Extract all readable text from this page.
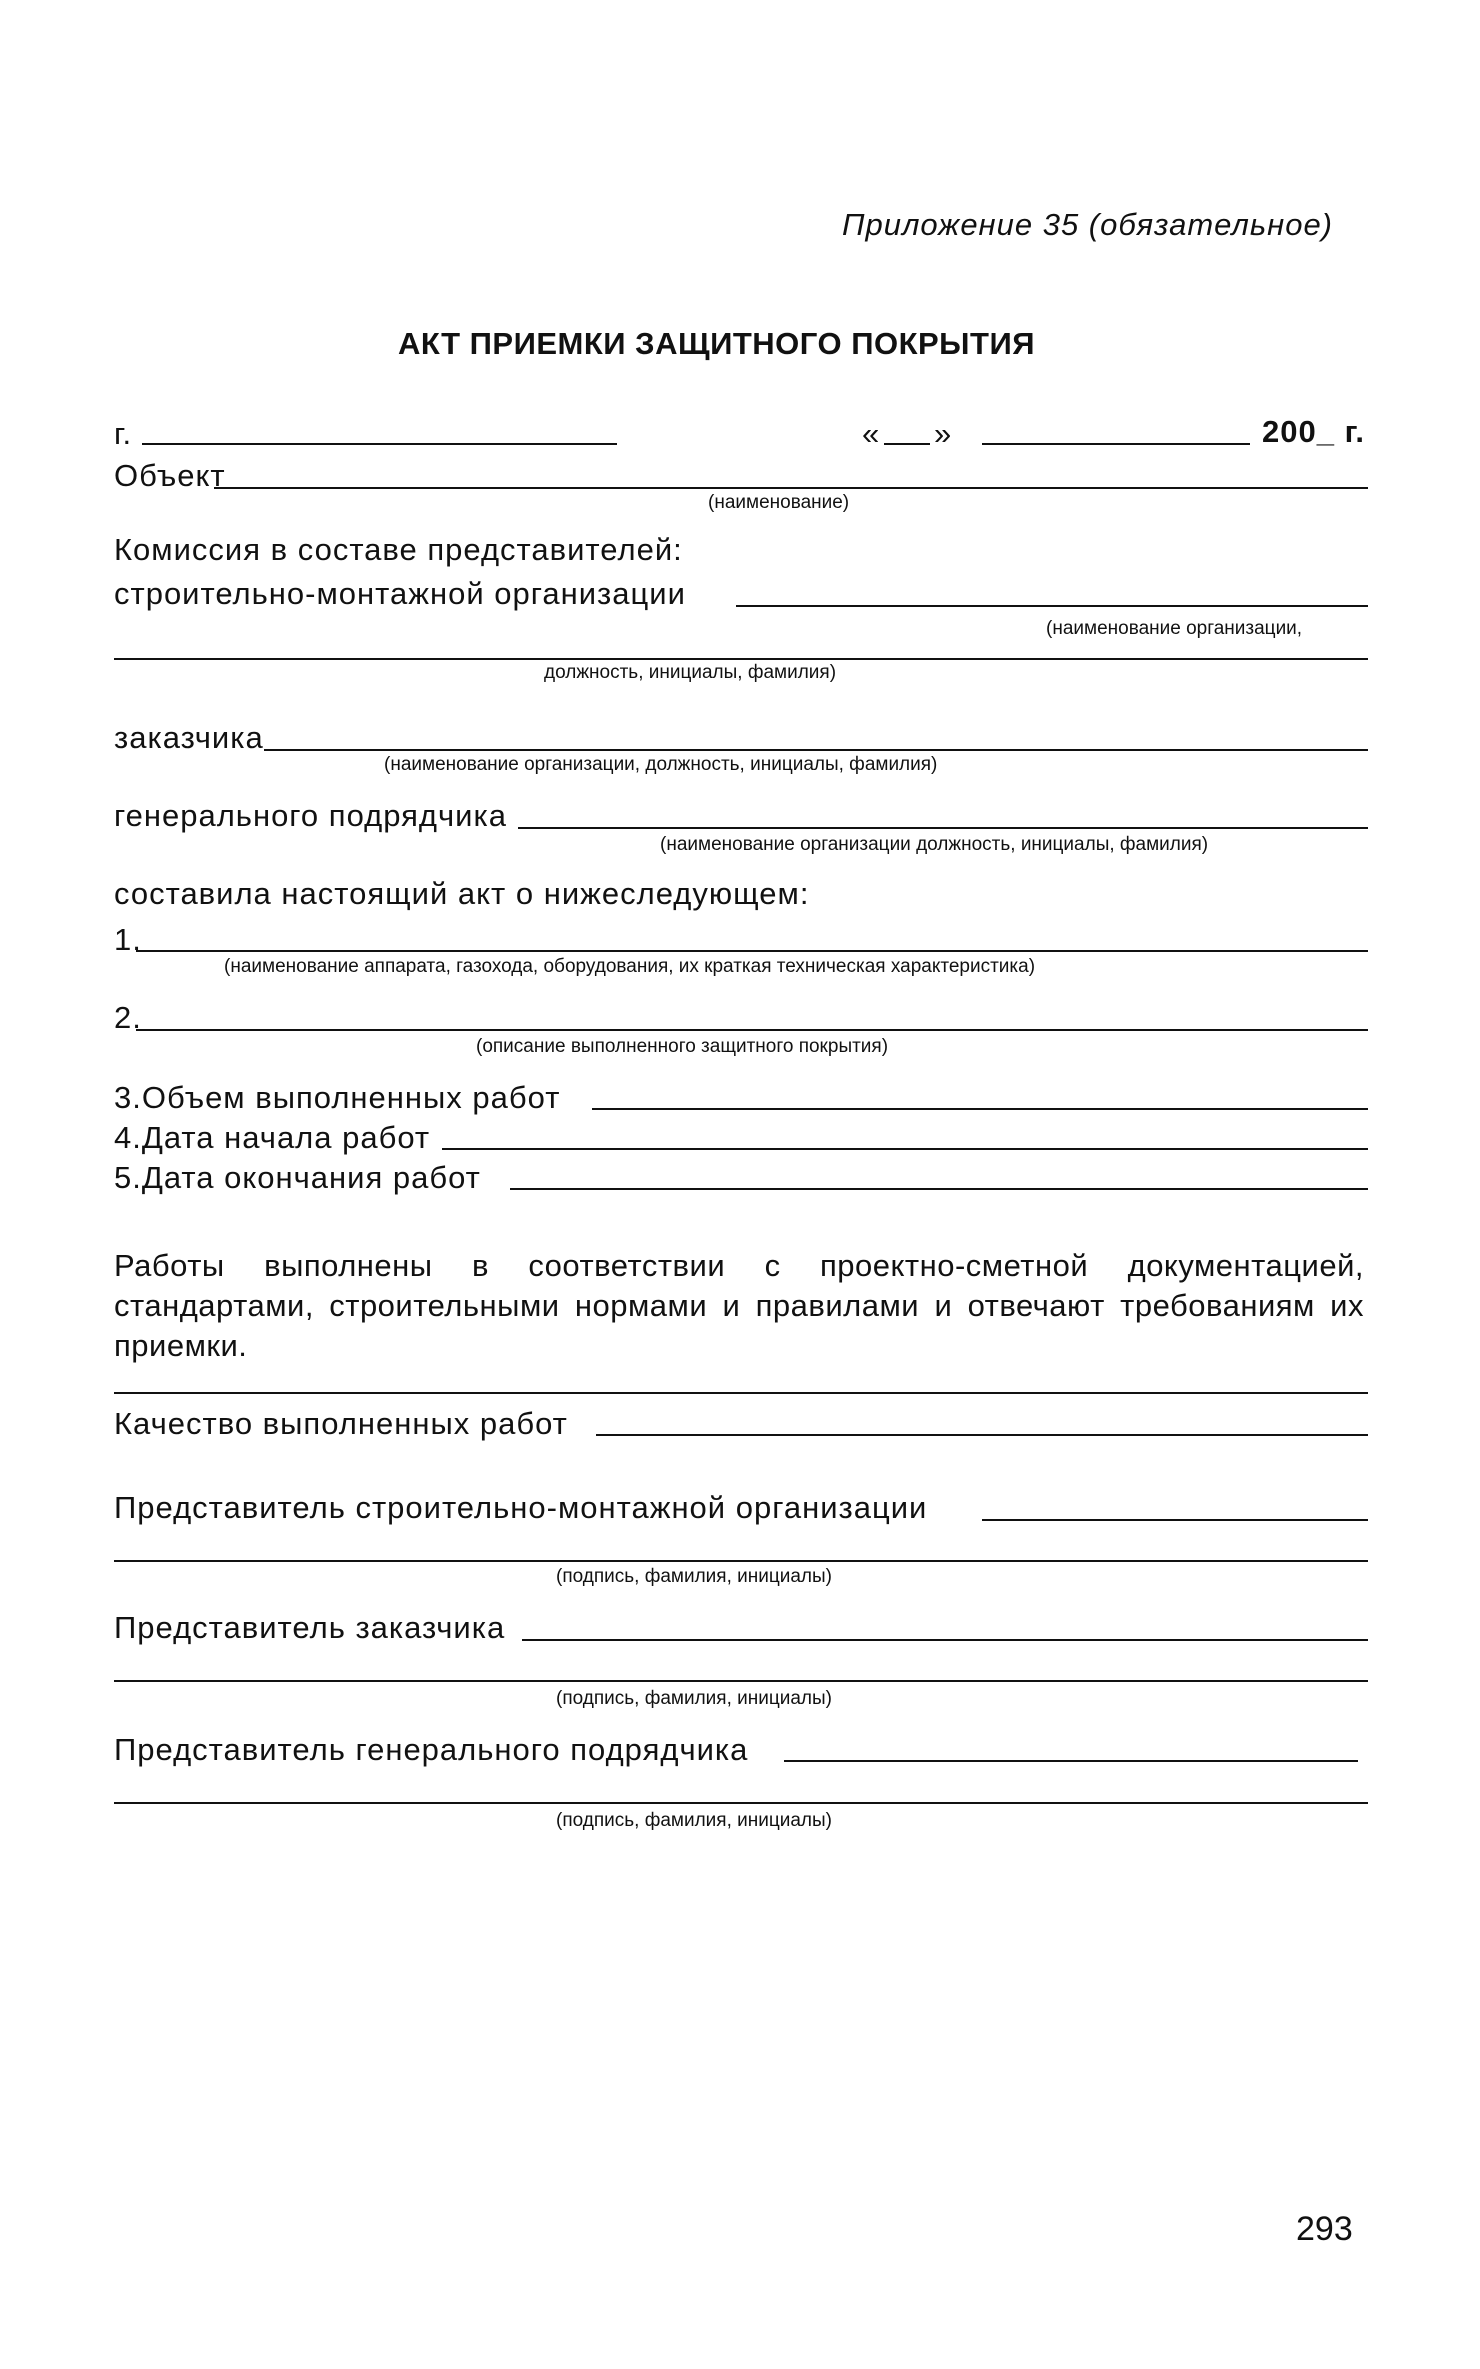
Приложение 35 (обязательное)
АКТ ПРИЕМКИ ЗАЩИТНОГО ПОКРЫТИЯ
г.	« »	200_ г.
Объект
(наименование)
Комиссия в составе представителей:
строительно-монтажной организации
(наименование организации,
должность, инициалы, фамилия)
заказчика
(наименование организации, должность, инициалы, фамилия)
генерального подрядчика
(наименование организации должность, инициалы, фамилия)
составила настоящий акт о нижеследующем:
1.
(наименование аппарата, газохода, оборудования, их краткая техническая характеристика)
2.
(описание выполненного защитного покрытия)
3.Объем выполненных работ
4.Дата начала работ
5.Дата окончания работ
Работы выполнены в соответствии с проектно-сметной документацией, стандартами, строительными нормами и правилами и отвечают требованиям их приемки.
Качество выполненных работ
Представитель строительно-монтажной организации
(подпись, фамилия, инициалы)
Представитель заказчика
(подпись, фамилия, инициалы)
Представитель генерального подрядчика
(подпись, фамилия, инициалы)
293
